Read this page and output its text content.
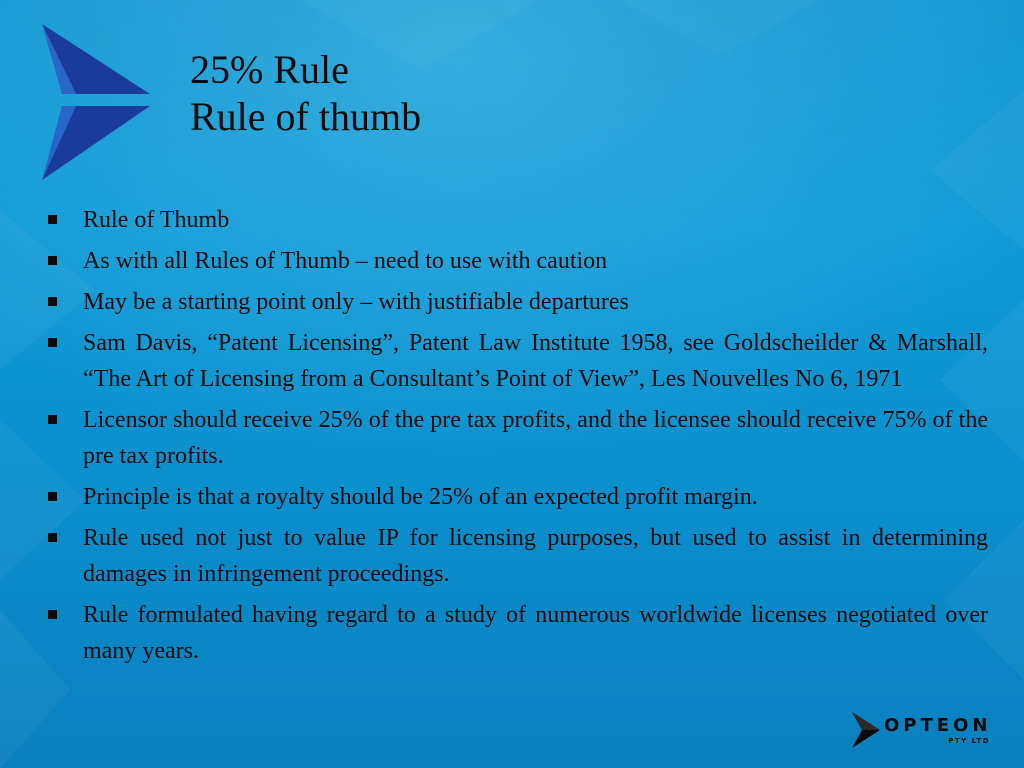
25% Rule
Rule of thumb
Rule of Thumb
As with all Rules of Thumb – need to use with caution
May be a starting point only – with justifiable departures
Sam Davis, “Patent Licensing”, Patent Law Institute 1958, see Goldscheilder & Marshall, “The Art of Licensing from a Consultant’s Point of View”, Les Nouvelles No 6, 1971
Licensor should receive 25% of the pre tax profits, and the licensee should receive 75% of the pre tax profits.
Principle is that a royalty should be 25% of an expected profit margin.
Rule used not just to value IP for licensing purposes, but used to assist in determining damages in infringement proceedings.
Rule formulated having regard to a study of numerous worldwide licenses negotiated over many years.
OPTEON
PTY LTD
